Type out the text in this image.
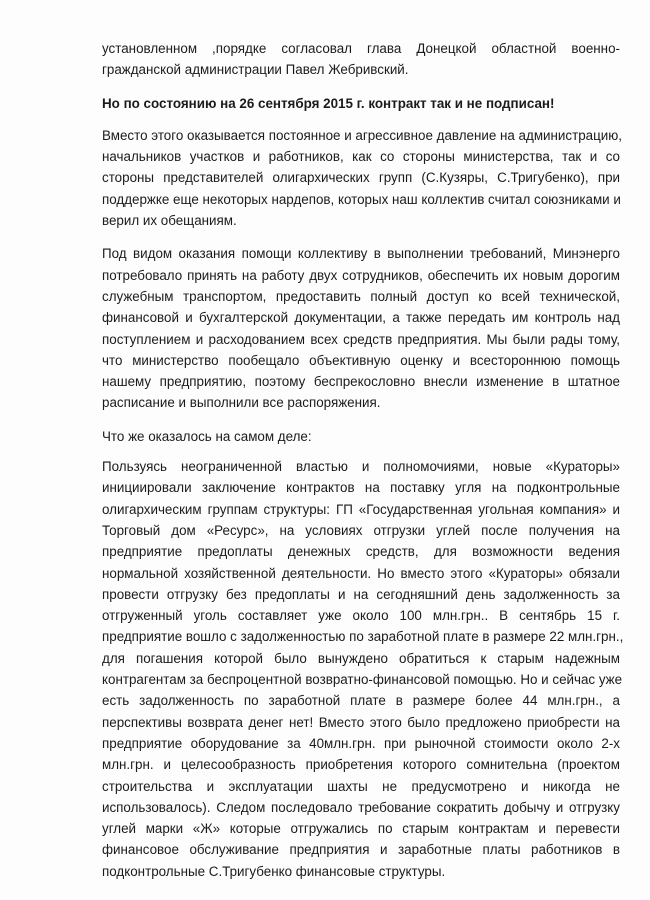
установленном ,порядке согласовал глава Донецкой областной военно-
гражданской администрации Павел Жебривский.

Но по состоянию на 26 сентября 2015 г. контракт так и не подписан!

Вместо этого оказывается постоянное и агрессивное давление на администрацию,
начальников участков и работников, как со стороны министерства, так и со
стороны представителей олигархических групп (С.Кузяры, С.Тригубенко), при
поддержке еще некоторых нардепов, которых наш коллектив считал союзниками и
верил их обещаниям.

Под видом оказания помощи коллективу в выполнении требований, Минэнерго
потребовало принять на работу двух сотрудников, обеспечить их новым дорогим
служебным транспортом, предоставить полный доступ ко всей технической,
финансовой и бухгалтерской документации, а также передать им контроль над
поступлением и расходованием всех средств предприятия. Мы были рады тому,
что министерство пообещало объективную оценку и всестороннюю помощь
нашему предприятию, поэтому беспрекословно внесли изменение в штатное
расписание и выполнили все распоряжения.

Что же оказалось на самом деле:

Пользуясь неограниченной властью и полномочиями, новые «Кураторы»
инициировали заключение контрактов на поставку угля на подконтрольные
олигархическим группам структуры: ГП «Государственная угольная компания» и
Торговый дом «Ресурс», на условиях отгрузки углей после получения на
предприятие предоплаты денежных средств, для возможности ведения
нормальной хозяйственной деятельности. Но вместо этого «Кураторы» обязали
провести отгрузку без предоплаты и на сегодняшний день задолженность за
отгруженный уголь составляет уже около 100 млн.грн.. В сентябрь 15 г.
предприятие вошло с задолженностью по заработной плате в размере 22 млн.грн.,
для погашения которой было вынуждено обратиться к старым надежным
контрагентам за беспроцентной возвратно-финансовой помощью. Но и сейчас уже
есть задолженность по заработной плате в размере более 44 млн.грн., а
перспективы возврата денег нет! Вместо этого было предложено приобрести на
предприятие оборудование за 40млн.грн. при рыночной стоимости около 2-х
млн.грн. и целесообразность приобретения которого сомнительна (проектом
строительства и эксплуатации шахты не предусмотрено и никогда не
использовалось). Следом последовало требование сократить добычу и отгрузку
углей марки «Ж» которые отгружались по старым контрактам и перевести
финансовое обслуживание предприятия и заработные платы работников в
подконтрольные С.Тригубенко финансовые структуры.
